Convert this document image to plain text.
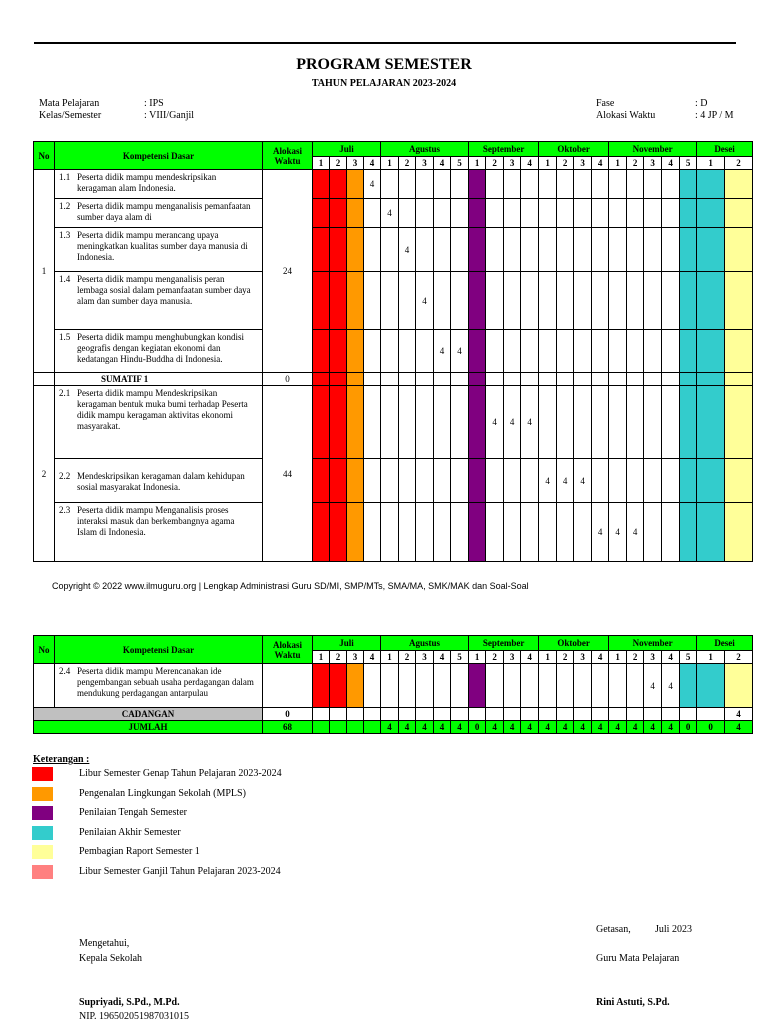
PROGRAM SEMESTER
TAHUN PELAJARAN 2023-2024
Mata Pelajaran	: IPS
Kelas/Semester	: VIII/Ganjil
Fase	: D
Alokasi Waktu	: 4 JP / M
No	Kompetensi Dasar	Alokasi Waktu	Juli				Agustus					September				Oktober				November					Desei	
			1	2	3	4	1	2	3	4	5	1	2	3	4	1	2	3	4	1	2	3	4	5	1	2
1	1.1 Peserta didik mampu mendeskripsikan keragaman alam Indonesia.	24				4																				
	1.2 Peserta didik mampu menganalisis pemanfaatan sumber daya alam di						4																			
	1.3 Peserta didik mampu merancang upaya meningkatkan kualitas sumber daya manusia di Indonesia.							4																		
	1.4 Peserta didik mampu menganalisis peran lembaga sosial dalam pemanfaatan sumber daya alam dan sumber daya manusia.								4																	
	1.5 Peserta didik mampu menghubungkan kondisi geografis dengan kegiatan ekonomi dan kedatangan Hindu-Buddha di Indonesia.									4	4															
	SUMATIF 1	0																								
2	2.1 Peserta didik mampu Mendeskripsikan keragaman bentuk muka bumi terhadap Peserta didik mampu keragaman aktivitas ekonomi masyarakat.	44											4	4	4											
	2.2 Mendeskripsikan keragaman dalam kehidupan sosial masyarakat Indonesia.															4	4	4								
	2.3 Peserta didik mampu Menganalisis proses interaksi masuk dan berkembangnya agama Islam di Indonesia.																		4	4	4					
Copyright © 2022 www.ilmuguru.org | Lengkap Administrasi Guru SD/MI, SMP/MTs, SMA/MA, SMK/MAK dan Soal-Soal
No	Kompetensi Dasar	Alokasi Waktu	Juli				Agustus					September				Oktober				November					Desei	
			1	2	3	4	1	2	3	4	5	1	2	3	4	1	2	3	4	1	2	3	4	5	1	2
	2.4 Peserta didik mampu Merencanakan ide pengembangan sebuah usaha perdagangan dalam mendukung perdagangan antarpulau																					4	4			
CADANGAN		0																								4
JUMLAH		68					4	4	4	4	4	0	4	4	4	4	4	4	4	4	4	4	4	0	0	4
Keterangan :
Libur Semester Genap Tahun Pelajaran 2023-2024
Pengenalan Lingkungan Sekolah (MPLS)
Penilaian Tengah Semester
Penilaian Akhir Semester
Pembagian Raport Semester 1
Libur Semester Ganjil Tahun Pelajaran 2023-2024
Getasan, Juli 2023
Mengetahui,
Kepala Sekolah	Guru Mata Pelajaran
Supriyadi, S.Pd., M.Pd.
NIP. 196502051987031015
Rini Astuti, S.Pd.
